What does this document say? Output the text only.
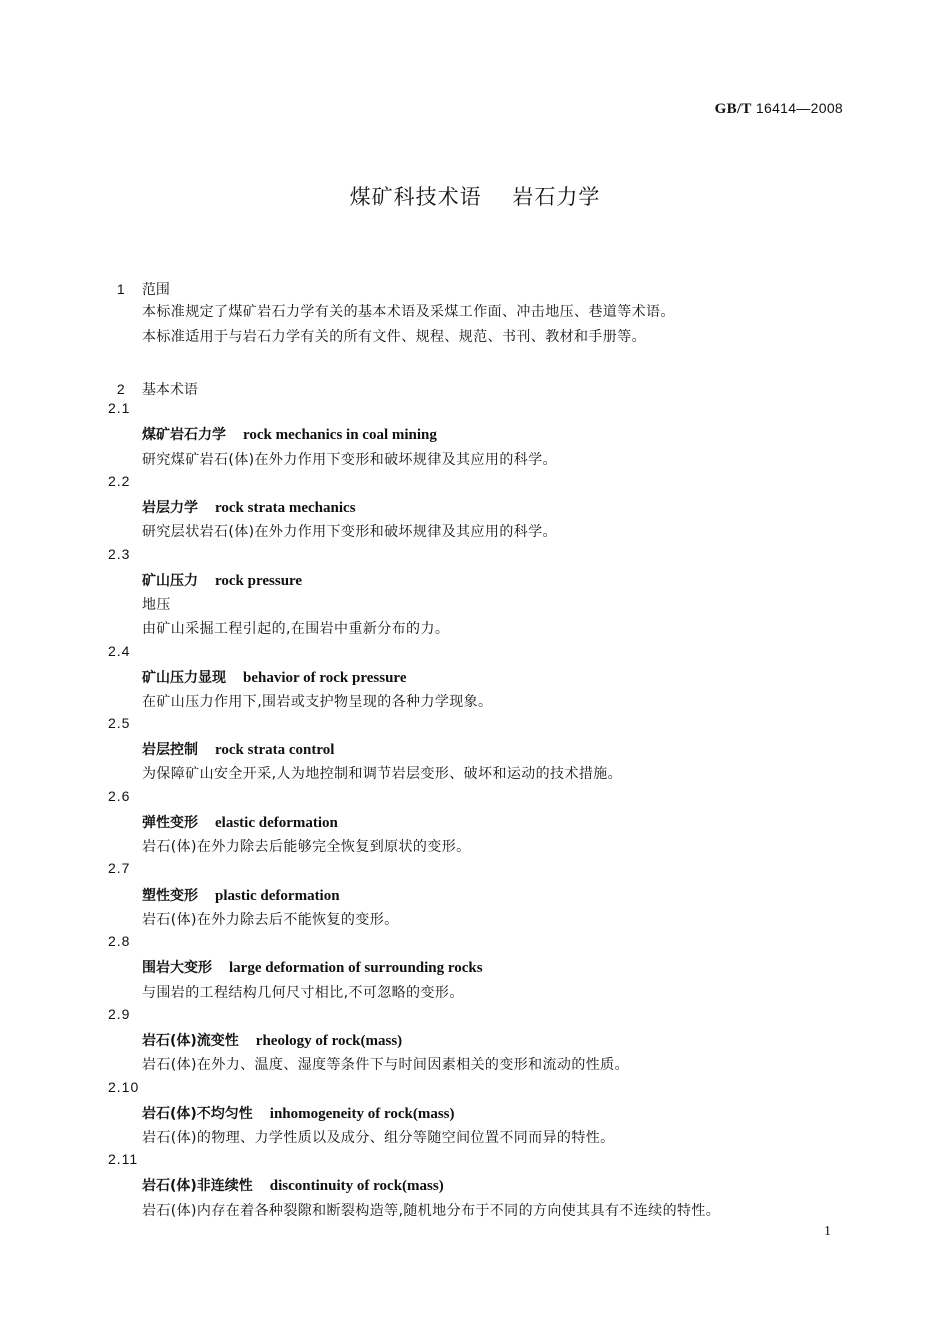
GB/T 16414—2008
煤矿科技术语    岩石力学

1 范围

本标准规定了煤矿岩石力学有关的基本术语及采煤工作面、冲击地压、巷道等术语。
本标准适用于与岩石力学有关的所有文件、规程、规范、书刊、教材和手册等。

2 基本术语

2.1
煤矿岩石力学 rock mechanics in coal mining
研究煤矿岩石(体)在外力作用下变形和破坏规律及其应用的科学。
2.2
岩层力学 rock strata mechanics
研究层状岩石(体)在外力作用下变形和破坏规律及其应用的科学。
2.3
矿山压力 rock pressure
地压
由矿山采掘工程引起的,在围岩中重新分布的力。
2.4
矿山压力显现 behavior of rock pressure
在矿山压力作用下,围岩或支护物呈现的各种力学现象。
2.5
岩层控制 rock strata control
为保障矿山安全开采,人为地控制和调节岩层变形、破坏和运动的技术措施。
2.6
弹性变形 elastic deformation
岩石(体)在外力除去后能够完全恢复到原状的变形。
2.7
塑性变形 plastic deformation
岩石(体)在外力除去后不能恢复的变形。
2.8
围岩大变形 large deformation of surrounding rocks
与围岩的工程结构几何尺寸相比,不可忽略的变形。
2.9
岩石(体)流变性 rheology of rock(mass)
岩石(体)在外力、温度、湿度等条件下与时间因素相关的变形和流动的性质。
2.10
岩石(体)不均匀性 inhomogeneity of rock(mass)
岩石(体)的物理、力学性质以及成分、组分等随空间位置不同而异的特性。
2.11
岩石(体)非连续性 discontinuity of rock(mass)
岩石(体)内存在着各种裂隙和断裂构造等,随机地分布于不同的方向使其具有不连续的特性。
1
